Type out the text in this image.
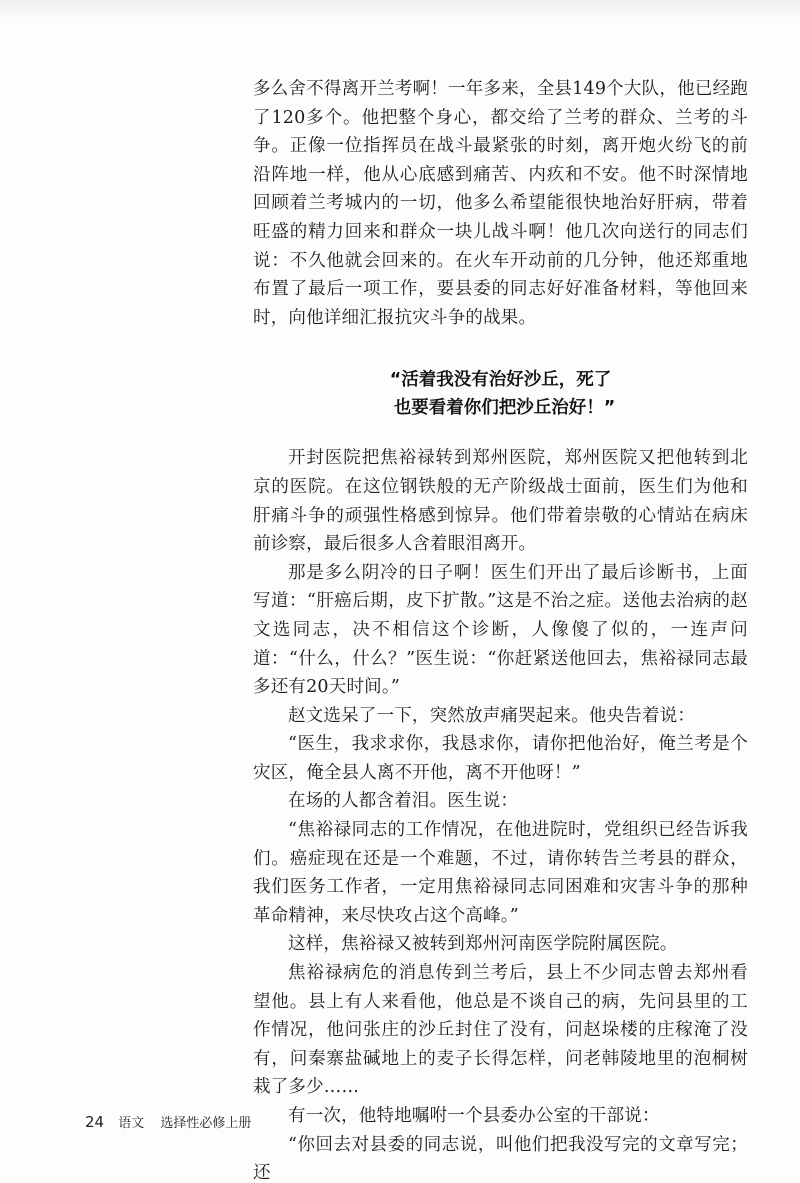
多么舍不得离开兰考啊！一年多来，全县149个大队，他已经跑了120多个。他把整个身心，都交给了兰考的群众、兰考的斗争。正像一位指挥员在战斗最紧张的时刻，离开炮火纷飞的前沿阵地一样，他从心底感到痛苦、内疚和不安。他不时深情地回顾着兰考城内的一切，他多么希望能很快地治好肝病，带着旺盛的精力回来和群众一块儿战斗啊！他几次向送行的同志们说：不久他就会回来的。在火车开动前的几分钟，他还郑重地布置了最后一项工作，要县委的同志好好准备材料，等他回来时，向他详细汇报抗灾斗争的战果。

“活着我没有治好沙丘，死了
也要看着你们把沙丘治好！”

开封医院把焦裕禄转到郑州医院，郑州医院又把他转到北京的医院。在这位钢铁般的无产阶级战士面前，医生们为他和肝痛斗争的顽强性格感到惊异。他们带着崇敬的心情站在病床前诊察，最后很多人含着眼泪离开。

那是多么阴冷的日子啊！医生们开出了最后诊断书，上面写道：“肝癌后期，皮下扩散。”这是不治之症。送他去治病的赵文选同志，决不相信这个诊断，人像傻了似的，一连声问道：“什么，什么？”医生说：“你赶紧送他回去，焦裕禄同志最多还有20天时间。”

赵文选呆了一下，突然放声痛哭起来。他央告着说：

“医生，我求求你，我恳求你，请你把他治好，俺兰考是个灾区，俺全县人离不开他，离不开他呀！”

在场的人都含着泪。医生说：

“焦裕禄同志的工作情况，在他进院时，党组织已经告诉我们。癌症现在还是一个难题，不过，请你转告兰考县的群众，我们医务工作者，一定用焦裕禄同志同困难和灾害斗争的那种革命精神，来尽快攻占这个高峰。”

这样，焦裕禄又被转到郑州河南医学院附属医院。

焦裕禄病危的消息传到兰考后，县上不少同志曾去郑州看望他。县上有人来看他，他总是不谈自己的病，先问县里的工作情况，他问张庄的沙丘封住了没有，问赵垛楼的庄稼淹了没有，问秦寨盐碱地上的麦子长得怎样，问老韩陵地里的泡桐树栽了多少……

有一次，他特地嘱咐一个县委办公室的干部说：

“你回去对县委的同志说，叫他们把我没写完的文章写完；还

24 语文 选择性必修上册
